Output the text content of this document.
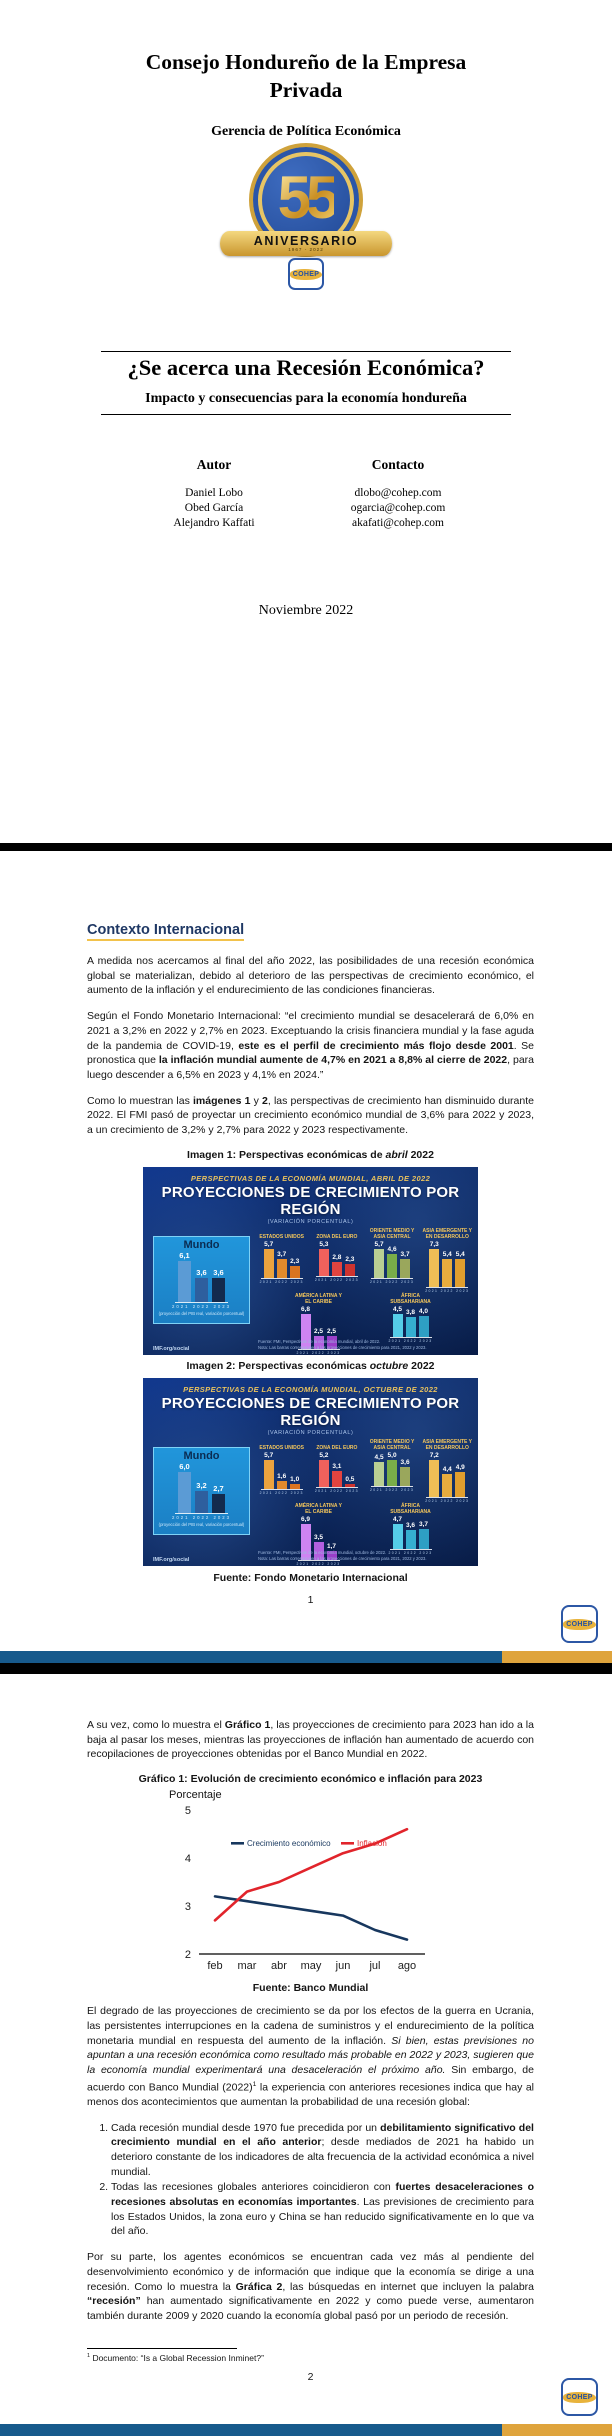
Consejo Hondureño de la Empresa Privada
Gerencia de Política Económica
55
ANIVERSARIO
1967 - 2022
COHEP
¿Se acerca una Recesión Económica?
Impacto y consecuencias para la economía hondureña
Autor
Daniel Lobo
Obed García
Alejandro Kaffati
Contacto
dlobo@cohep.com
ogarcia@cohep.com
akafati@cohep.com
Noviembre 2022
Contexto Internacional

A medida nos acercamos al final del año 2022, las posibilidades de una recesión económica global se materializan, debido al deterioro de las perspectivas de crecimiento económico, el aumento de la inflación y el endurecimiento de las condiciones financieras.

Según el Fondo Monetario Internacional: “el crecimiento mundial se desacelerará de 6,0% en 2021 a 3,2% en 2022 y 2,7% en 2023. Exceptuando la crisis financiera mundial y la fase aguda de la pandemia de COVID-19, este es el perfil de crecimiento más flojo desde 2001. Se pronostica que la inflación mundial aumente de 4,7% en 2021 a 8,8% al cierre de 2022, para luego descender a 6,5% en 2023 y 4,1% en 2024.”

Como lo muestran las imágenes 1 y 2, las perspectivas de crecimiento han disminuido durante 2022. El FMI pasó de proyectar un crecimiento económico mundial de 3,6% para 2022 y 2023, a un crecimiento de 3,2% y 2,7% para 2022 y 2023 respectivamente.

Imagen 1: Perspectivas económicas de abril 2022
PERSPECTIVAS DE LA ECONOMÍA MUNDIAL, ABRIL DE 2022
PROYECCIONES DE CRECIMIENTO POR REGIÓN
(VARIACIÓN PORCENTUAL)
Mundo
6,1
3,6 3,6
2021 2022 2023
(proyección del PIB real, variación porcentual)
ESTADOS UNIDOS
5,7
3,7
2,3
2021 2022 2023
ZONA DEL EURO
5,3
2,8 2,3
2021 2022 2023
ORIENTE MEDIO Y ASIA CENTRAL
5,7
4,6
3,7
2021 2022 2023
ASIA EMERGENTE Y EN DESARROLLO
7,3
5,4 5,4
2021 2022 2023
AMÉRICA LATINA Y EL CARIBE
6,8
2,5 2,5
2021 2022 2023
ÁFRICA SUBSAHARIANA
4,5
3,8 4,0
2021 2022 2023
IMF.org/social
Fuente: FMI, Perspectivas de la economía mundial, abril de 2022.
Nota: Las barras corresponden a las proyecciones de crecimiento para 2021, 2022 y 2023.
Imagen 2: Perspectivas económicas octubre 2022
PERSPECTIVAS DE LA ECONOMÍA MUNDIAL, OCTUBRE DE 2022
PROYECCIONES DE CRECIMIENTO POR REGIÓN
(VARIACIÓN PORCENTUAL)
Mundo
6,0
3,2 2,7
2021 2022 2023
(proyección del PIB real, variación porcentual)
ESTADOS UNIDOS
5,7
1,6 1,0
2021 2022 2023
ZONA DEL EURO
5,2
3,1
0,5
2021 2022 2023
ORIENTE MEDIO Y ASIA CENTRAL
4,5 5,0
3,6
2021 2022 2023
ASIA EMERGENTE Y EN DESARROLLO
7,2
4,4 4,9
2021 2022 2023
AMÉRICA LATINA Y EL CARIBE
6,9
3,5
1,7
2021 2022 2023
ÁFRICA SUBSAHARIANA
4,7
3,6 3,7
2021 2022 2023
IMF.org/social
Fuente: FMI, Perspectivas de la economía mundial, octubre de 2022.
Nota: Las barras corresponden a las proyecciones de crecimiento para 2021, 2022 y 2023.
Fuente: Fondo Monetario Internacional
1
COHEP

A su vez, como lo muestra el Gráfico 1, las proyecciones de crecimiento para 2023 han ido a la baja al pasar los meses, mientras las proyecciones de inflación han aumentado de acuerdo con recopilaciones de proyecciones obtenidas por el Banco Mundial en 2022.

Gráfico 1: Evolución de crecimiento económico e inflación para 2023
Porcentaje
2
3
4
5
feb mar abr may jun jul ago
Crecimiento económico	Inflación
Fuente: Banco Mundial

El degrado de las proyecciones de crecimiento se da por los efectos de la guerra en Ucrania, las persistentes interrupciones en la cadena de suministros y el endurecimiento de la política monetaria mundial en respuesta del aumento de la inflación. Si bien, estas previsiones no apuntan a una recesión económica como resultado más probable en 2022 y 2023, sugieren que la economía mundial experimentará una desaceleración el próximo año. Sin embargo, de acuerdo con Banco Mundial $(2022)^1$ la experiencia con anteriores recesiones indica que hay al menos dos acontecimientos que aumentan la probabilidad de una recesión global:

1. Cada recesión mundial desde 1970 fue precedida por un debilitamiento significativo del crecimiento mundial en el año anterior; desde mediados de 2021 ha habido un deterioro constante de los indicadores de alta frecuencia de la actividad económica a nivel mundial.
2. Todas las recesiones globales anteriores coincidieron con fuertes desaceleraciones o recesiones absolutas en economías importantes. Las previsiones de crecimiento para los Estados Unidos, la zona euro y China se han reducido significativamente en lo que va del año.

Por su parte, los agentes económicos se encuentran cada vez más al pendiente del desenvolvimiento económico y de información que indique que la economía se dirige a una recesión. Como lo muestra la Gráfica 2, las búsquedas en internet que incluyen la palabra “recesión” han aumentado significativamente en 2022 y como puede verse, aumentaron también durante 2009 y 2020 cuando la economía global pasó por un periodo de recesión.

$^1$ Documento: “Is a Global Recession Inminet?”
2
COHEP
